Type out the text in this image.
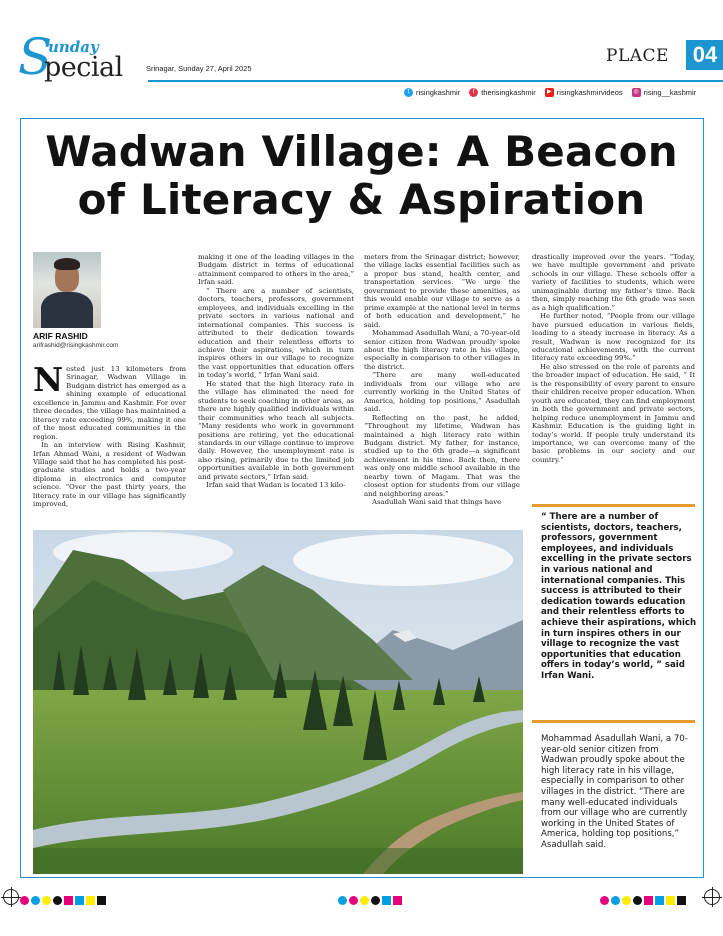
S
unday
pecial	Srinagar, Sunday 27, April 2025
PLACE	04
t risingkashmir	f therisingkashmir	▶ risingkashmirvideos	◎ rising__kashmir
Wadwan Village: A Beacon
of Literacy & Aspiration
ARIF RASHID
arifrashid@risingkashmir.com

Nested just 13 kilometers from Srinagar, Wadwan Village in Budgam district has emerged as a shining example of educational excellence in Jammu and Kashmir. For over three decades, the village has maintained a literacy rate exceeding 99%, making it one of the most educated communities in the region.

In an interview with Rising Kashmir, Irfan Ahmad Wani, a resident of Wadwan Village said that he has completed his post-graduate studies and holds a two-year diploma in electronics and computer science. “Over the past thirty years, the literacy rate in our village has significantly improved,

making it one of the leading villages in the Budgam district in terms of educational attainment compared to others in the area,” Irfan said.

“ There are a number of scientists, doctors, teachers, professors, government employees, and individuals excelling in the private sectors in various national and international companies. This success is attributed to their dedication towards education and their relentless efforts to achieve their aspirations, which in turn inspires others in our village to recognize the vast opportunities that education offers in today’s world, ” Irfan Wani said.

He stated that the high literacy rate in the village has eliminated the need for students to seek coaching in other areas, as there are highly qualified individuals within their communities who teach all subjects. “Many residents who work in government positions are retiring, yet the educational standards in our village continue to improve daily. However, the unemployment rate is also rising, primarily due to the limited job opportunities available in both government and private sectors,” Irfan said.

Irfan said that Wadan is located 13 kilo-

meters from the Srinagar district; however, the village lacks essential facilities such as a proper bus stand, health center, and transportation services. “We urge the government to provide these amenities, as this would enable our village to serve as a prime example at the national level in terms of both education and development,” he said.

Mohammad Asadullah Wani, a 70-year-old senior citizen from Wadwan proudly spoke about the high literacy rate in his village, especially in comparison to other villages in the district.

“There are many well-educated individuals from our village who are currently working in the United States of America, holding top positions,” Asadullah said.

Reflecting on the past, he added, “Throughout my lifetime, Wadwan has maintained a high literacy rate within Budgam district. My father, for instance, studied up to the 6th grade—a significant achievement in his time. Back then, there was only one middle school available in the nearby town of Magam. That was the closest option for students from our village and neighboring areas.”

Asadullah Wani said that things have

drastically improved over the years. “Today, we have multiple government and private schools in our village. These schools offer a variety of facilities to students, which were unimaginable during my father’s time. Back then, simply reaching the 6th grade was seen as a high qualification.”

He further noted, “People from our village have pursued education in various fields, leading to a steady increase in literacy. As a result, Wadwan is now recognized for its educational achievements, with the current literacy rate exceeding 99%.”

He also stressed on the role of parents and the broader impact of education. He said, “ It is the responsibility of every parent to ensure their children receive proper education. When youth are educated, they can find employment in both the government and private sectors, helping reduce unemployment in Jammu and Kashmir. Education is the guiding light in today’s world. If people truly understand its importance, we can overcome many of the basic problems in our society and our country.”

“ There are a number of scientists, doctors, teachers, professors, government employees, and individuals excelling in the private sectors in various national and international companies. This success is attributed to their dedication towards education and their relentless efforts to achieve their aspirations, which in turn inspires others in our village to recognize the vast opportunities that education offers in today’s world, ” said Irfan Wani.
Mohammad Asadullah Wani, a 70-year-old senior citizen from Wadwan proudly spoke about the high literacy rate in his village, especially in comparison to other villages in the district. “There are many well-educated individuals from our village who are currently working in the United States of America, holding top positions,” Asadullah said.
